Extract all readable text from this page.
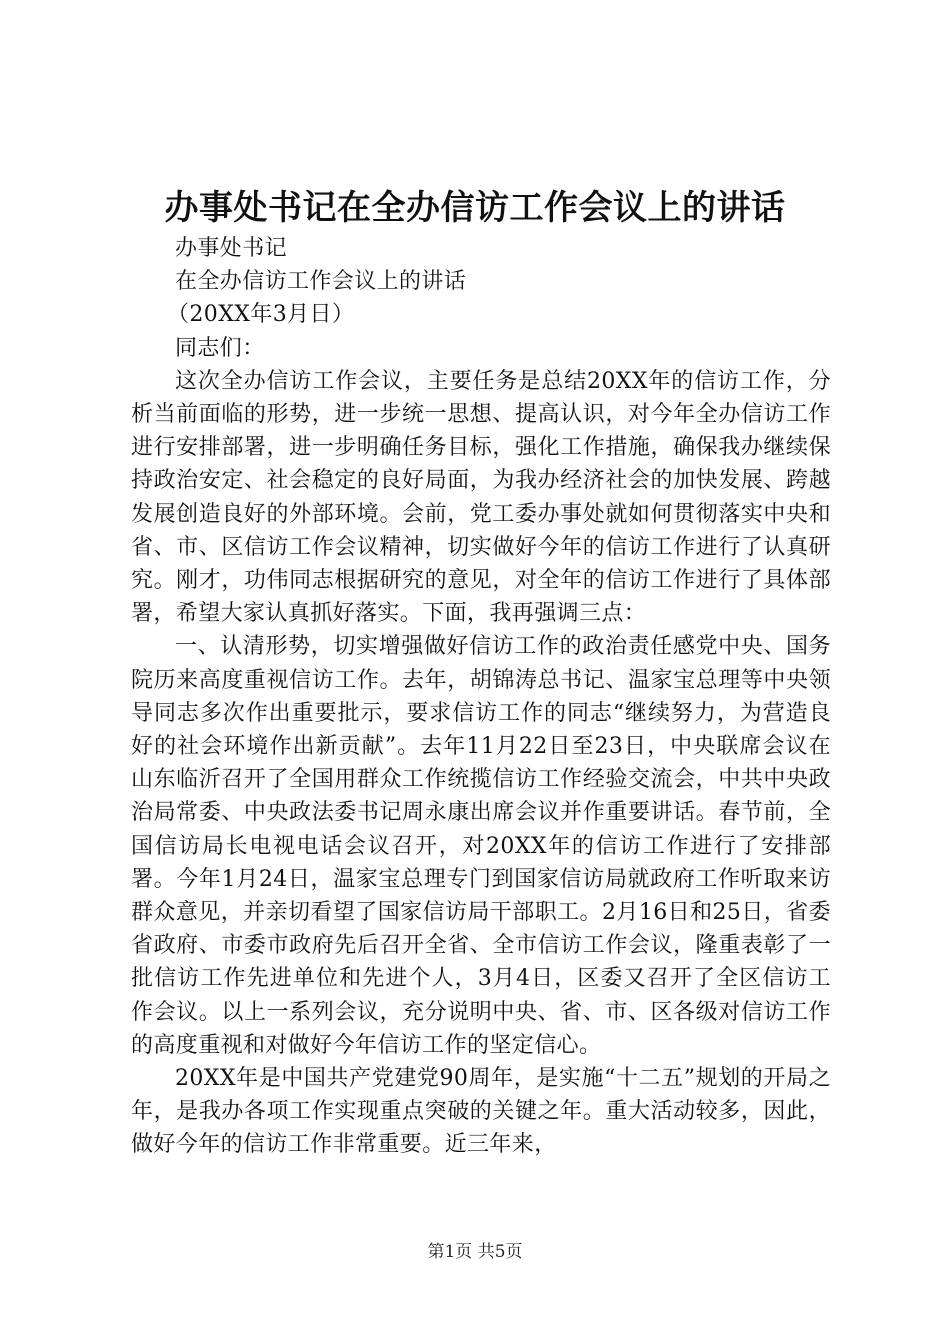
办事处书记在全办信访工作会议上的讲话

办事处书记

在全办信访工作会议上的讲话

（20XX年3月日）

同志们：

这次全办信访工作会议，主要任务是总结20XX年的信访工作，分析当前面临的形势，进一步统一思想、提高认识，对今年全办信访工作进行安排部署，进一步明确任务目标，强化工作措施，确保我办继续保持政治安定、社会稳定的良好局面，为我办经济社会的加快发展、跨越发展创造良好的外部环境。会前，党工委办事处就如何贯彻落实中央和省、市、区信访工作会议精神，切实做好今年的信访工作进行了认真研究。刚才，功伟同志根据研究的意见，对全年的信访工作进行了具体部署，希望大家认真抓好落实。下面，我再强调三点：

一、认清形势，切实增强做好信访工作的政治责任感党中央、国务院历来高度重视信访工作。去年，胡锦涛总书记、温家宝总理等中央领导同志多次作出重要批示，要求信访工作的同志“继续努力，为营造良好的社会环境作出新贡献”。去年11月22日至23日，中央联席会议在山东临沂召开了全国用群众工作统揽信访工作经验交流会，中共中央政治局常委、中央政法委书记周永康出席会议并作重要讲话。春节前，全国信访局长电视电话会议召开，对20XX年的信访工作进行了安排部署。今年1月24日，温家宝总理专门到国家信访局就政府工作听取来访群众意见，并亲切看望了国家信访局干部职工。2月16日和25日，省委省政府、市委市政府先后召开全省、全市信访工作会议，隆重表彰了一批信访工作先进单位和先进个人，3月4日，区委又召开了全区信访工作会议。以上一系列会议，充分说明中央、省、市、区各级对信访工作的高度重视和对做好今年信访工作的坚定信心。

20XX年是中国共产党建党90周年，是实施“十二五”规划的开局之年，是我办各项工作实现重点突破的关键之年。重大活动较多，因此，做好今年的信访工作非常重要。近三年来，

第1页 共5页
